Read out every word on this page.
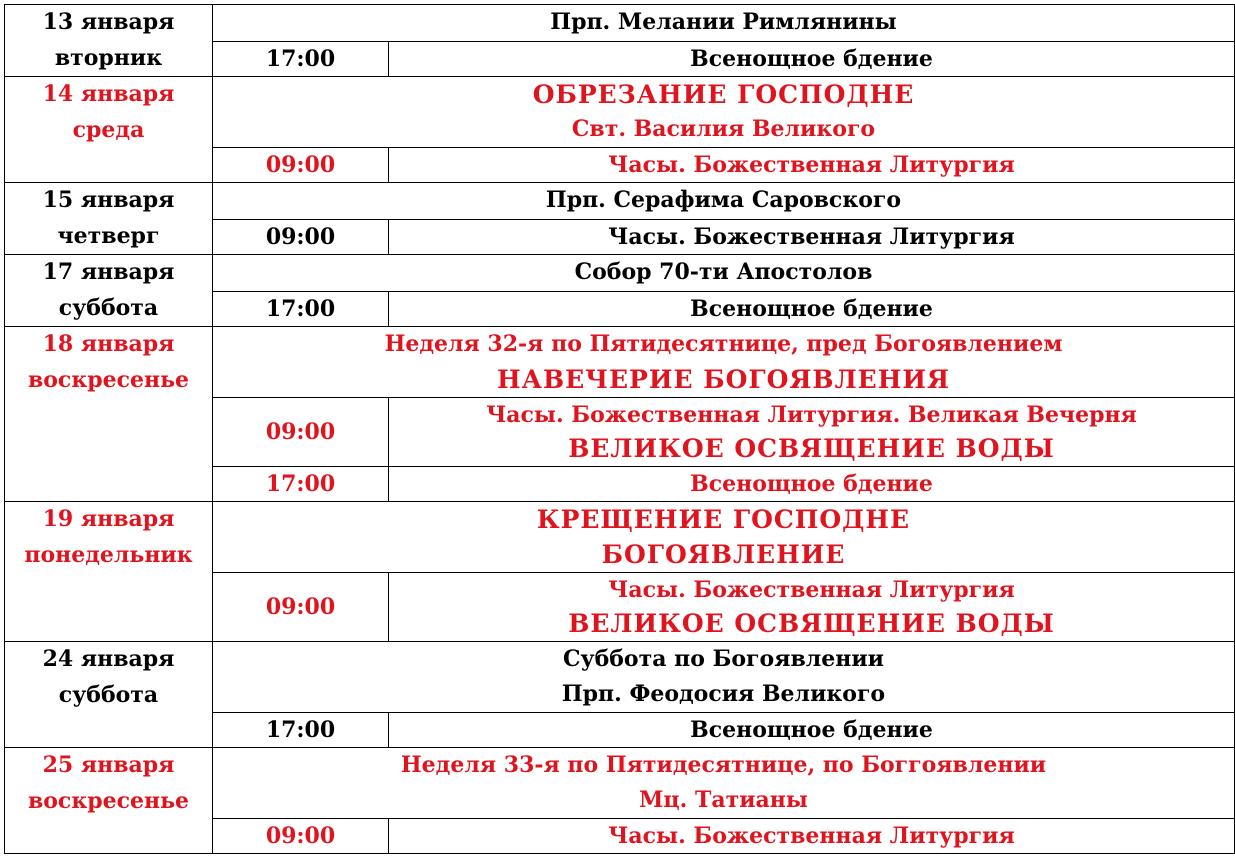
13 января
вторник	Прп. Мелании Римлянины	

	17:00	Всенощное бдение

14 января
среда	ОБРЕЗАНИЕ ГОСПОДНЕ
Свт. Василия Великого	

	09:00	Часы. Божественная Литургия

15 января
четверг	Прп. Серафима Саровского	

	09:00	Часы. Божественная Литургия

17 января
суббота	Собор 70-ти Апостолов	

	17:00	Всенощное бдение

18 января
воскресенье	Неделя 32-я по Пятидесятнице, пред Богоявлением
НАВЕЧЕРИЕ БОГОЯВЛЕНИЯ	

	09:00	Часы. Божественная Литургия. Великая Вечерня
ВЕЛИКОЕ ОСВЯЩЕНИЕ ВОДЫ

	17:00	Всенощное бдение

19 января
понедельник	КРЕЩЕНИЕ ГОСПОДНЕ
БОГОЯВЛЕНИЕ	

	09:00	Часы. Божественная Литургия
ВЕЛИКОЕ ОСВЯЩЕНИЕ ВОДЫ

24 января
суббота	Суббота по Богоявлении
Прп. Феодосия Великого	

	17:00	Всенощное бдение

25 января
воскресенье	Неделя 33-я по Пятидесятнице, по Боггоявлении
Мц. Татианы	

	09:00	Часы. Божественная Литургия
